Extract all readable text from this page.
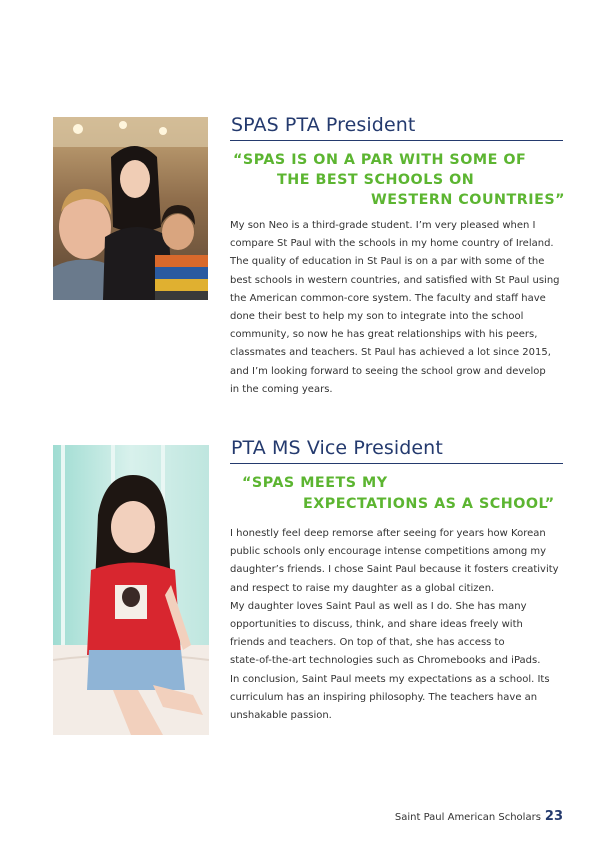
SPAS PTA President
“SPAS IS ON A PAR WITH SOME OF
THE BEST SCHOOLS ON
WESTERN COUNTRIES”
My son Neo is a third-grade student. I’m very pleased when I
compare St Paul with the schools in my home country of Ireland.
The quality of education in St Paul is on a par with some of the
best schools in western countries, and satisfied with St Paul using
the American common-core system. The faculty and staff have
done their best to help my son to integrate into the school
community, so now he has great relationships with his peers,
classmates and teachers. St Paul has achieved a lot since 2015,
and I’m looking forward to seeing the school grow and develop
in the coming years.
PTA MS Vice President
“SPAS MEETS MY
EXPECTATIONS AS A SCHOOL”
I honestly feel deep remorse after seeing for years how Korean
public schools only encourage intense competitions among my
daughter’s friends. I chose Saint Paul because it fosters creativity
and respect to raise my daughter as a global citizen.
My daughter loves Saint Paul as well as I do. She has many
opportunities to discuss, think, and share ideas freely with
friends and teachers. On top of that, she has access to
state-of-the-art technologies such as Chromebooks and iPads.
In conclusion, Saint Paul meets my expectations as a school. Its
curriculum has an inspiring philosophy. The teachers have an
unshakable passion.
Saint Paul American Scholars 23
